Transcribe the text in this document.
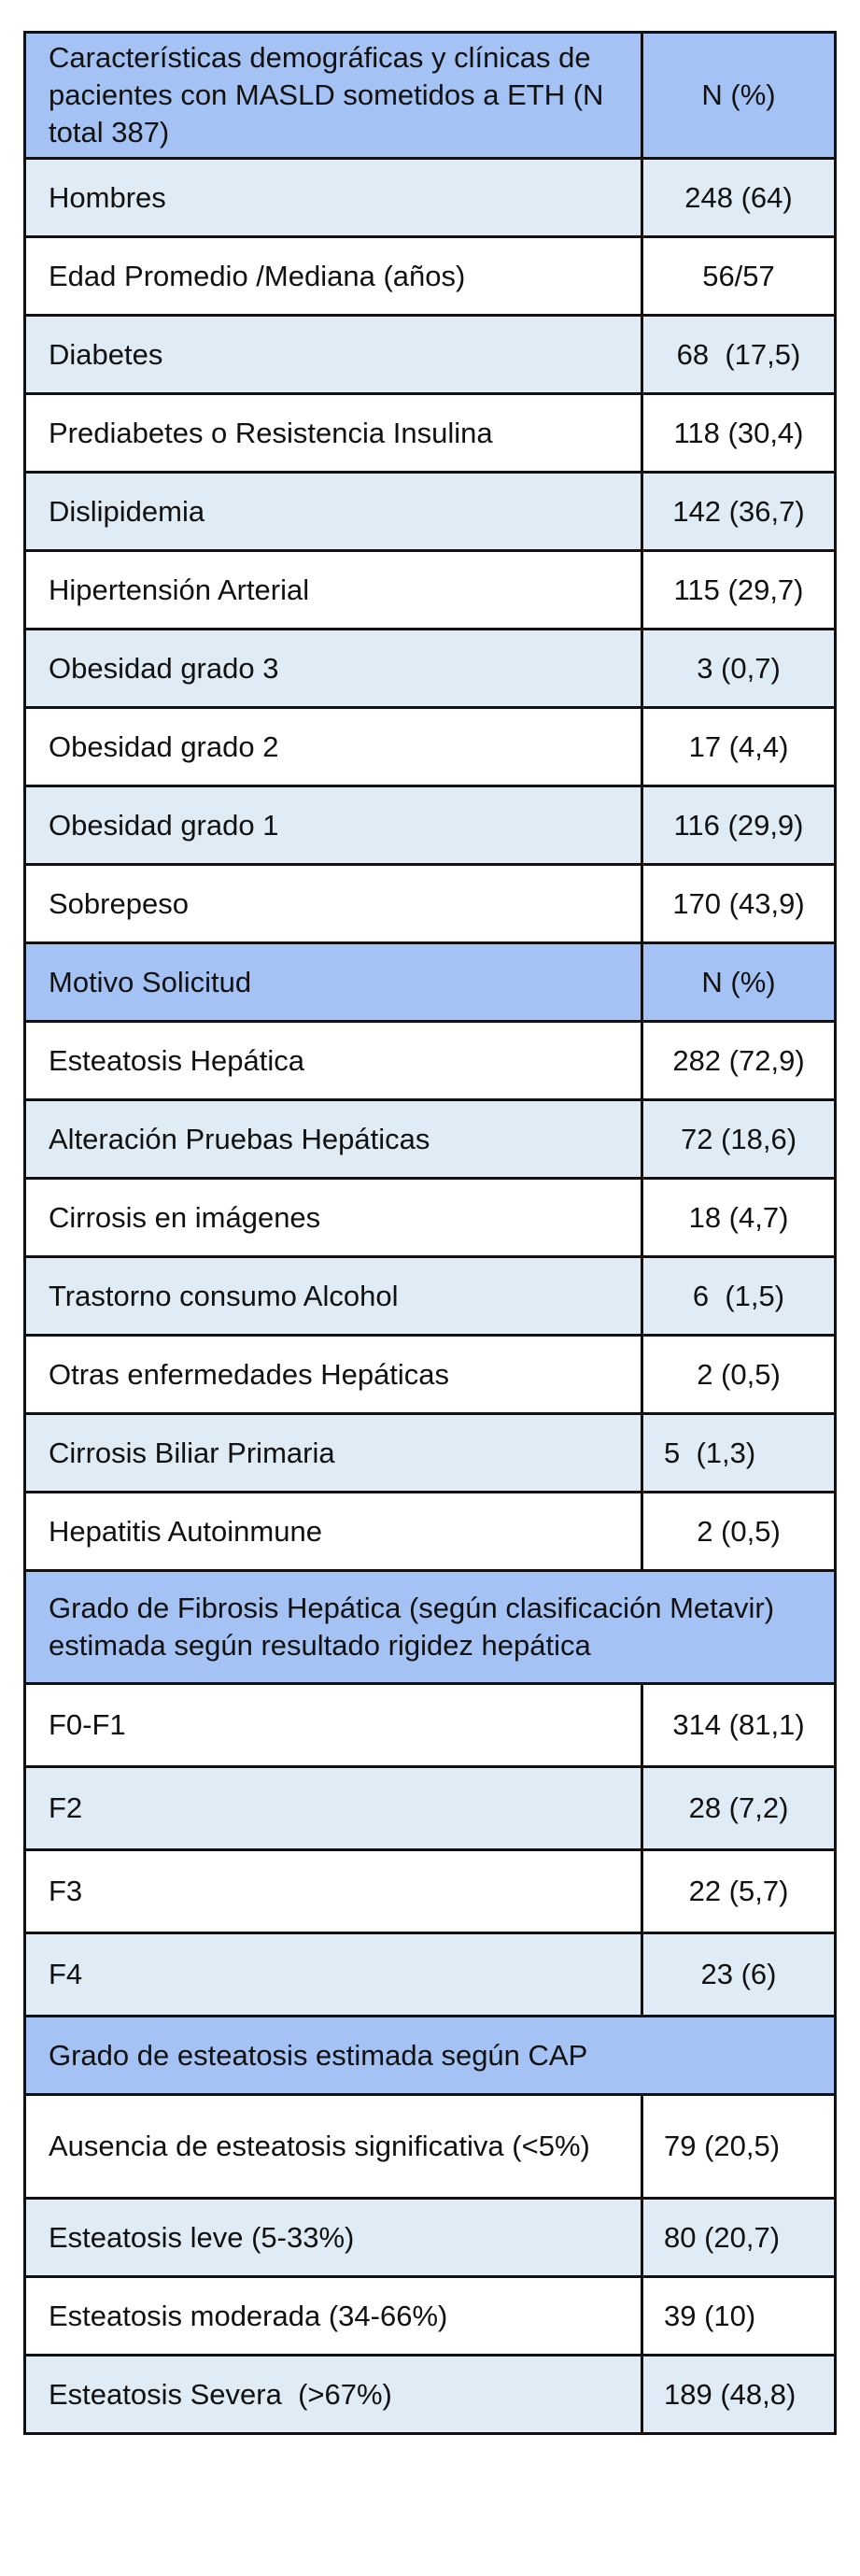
Características demográficas y clínicas de pacientes con MASLD sometidos a ETH (N total 387)	N (%)
Hombres	248 (64)
Edad Promedio /Mediana (años)	56/57
Diabetes	68  (17,5)
Prediabetes o Resistencia Insulina	118 (30,4)
Dislipidemia	142 (36,7)
Hipertensión Arterial	115 (29,7)
Obesidad grado 3	3 (0,7)
Obesidad grado 2	17 (4,4)
Obesidad grado 1	116 (29,9)
Sobrepeso	170 (43,9)
Motivo Solicitud	N (%)
Esteatosis Hepática	282 (72,9)
Alteración Pruebas Hepáticas	72 (18,6)
Cirrosis en imágenes	18 (4,7)
Trastorno consumo Alcohol	6  (1,5)
Otras enfermedades Hepáticas	2 (0,5)
Cirrosis Biliar Primaria	5  (1,3)
Hepatitis Autoinmune	2 (0,5)
Grado de Fibrosis Hepática (según clasificación Metavir) estimada según resultado rigidez hepática	
F0-F1	314 (81,1)
F2	28 (7,2)
F3	22 (5,7)
F4	23 (6)
Grado de esteatosis estimada según CAP	
Ausencia de esteatosis significativa (<5%)	79 (20,5)
Esteatosis leve (5-33%)	80 (20,7)
Esteatosis moderada (34-66%)	39 (10)
Esteatosis Severa  (>67%)	189 (48,8)
